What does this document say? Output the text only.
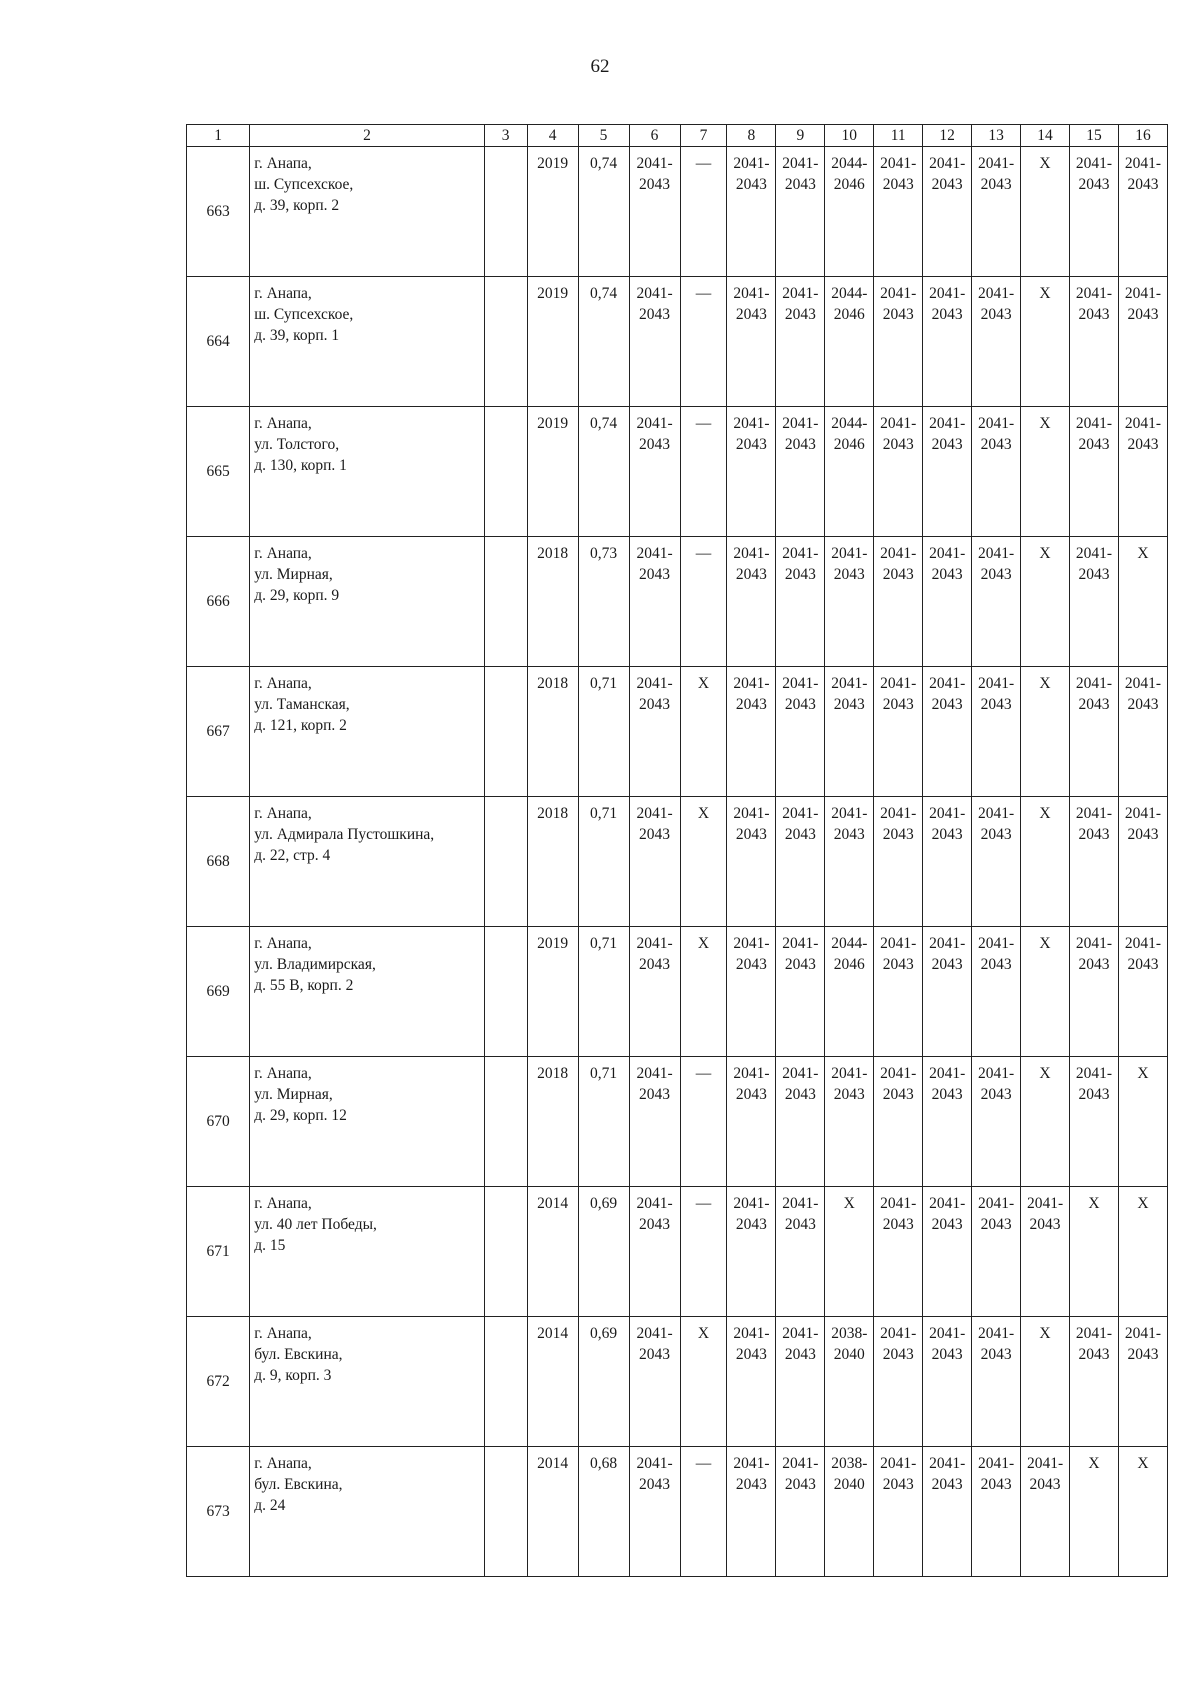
62
1	2	3	4	5	6	7	8	9	10	11	12	13	14	15	16
663	г. Анапа,
ш. Супсехское,
д. 39, корп. 2		2019	0,74	2041-2043	—	2041-2043	2041-2043	2044-2046	2041-2043	2041-2043	2041-2043	X	2041-2043	2041-2043
664	г. Анапа,
ш. Супсехское,
д. 39, корп. 1		2019	0,74	2041-2043	—	2041-2043	2041-2043	2044-2046	2041-2043	2041-2043	2041-2043	X	2041-2043	2041-2043
665	г. Анапа,
ул. Толстого,
д. 130, корп. 1		2019	0,74	2041-2043	—	2041-2043	2041-2043	2044-2046	2041-2043	2041-2043	2041-2043	X	2041-2043	2041-2043
666	г. Анапа,
ул. Мирная,
д. 29, корп. 9		2018	0,73	2041-2043	—	2041-2043	2041-2043	2041-2043	2041-2043	2041-2043	2041-2043	X	2041-2043	X
667	г. Анапа,
ул. Таманская,
д. 121, корп. 2		2018	0,71	2041-2043	X	2041-2043	2041-2043	2041-2043	2041-2043	2041-2043	2041-2043	X	2041-2043	2041-2043
668	г. Анапа,
ул. Адмирала Пустошкина,
д. 22, стр. 4		2018	0,71	2041-2043	X	2041-2043	2041-2043	2041-2043	2041-2043	2041-2043	2041-2043	X	2041-2043	2041-2043
669	г. Анапа,
ул. Владимирская,
д. 55 В, корп. 2		2019	0,71	2041-2043	X	2041-2043	2041-2043	2044-2046	2041-2043	2041-2043	2041-2043	X	2041-2043	2041-2043
670	г. Анапа,
ул. Мирная,
д. 29, корп. 12		2018	0,71	2041-2043	—	2041-2043	2041-2043	2041-2043	2041-2043	2041-2043	2041-2043	X	2041-2043	X
671	г. Анапа,
ул. 40 лет Победы,
д. 15		2014	0,69	2041-2043	—	2041-2043	2041-2043	X	2041-2043	2041-2043	2041-2043	2041-2043	X	X
672	г. Анапа,
бул. Евскина,
д. 9, корп. 3		2014	0,69	2041-2043	X	2041-2043	2041-2043	2038-2040	2041-2043	2041-2043	2041-2043	X	2041-2043	2041-2043
673	г. Анапа,
бул. Евскина,
д. 24		2014	0,68	2041-2043	—	2041-2043	2041-2043	2038-2040	2041-2043	2041-2043	2041-2043	2041-2043	X	X
